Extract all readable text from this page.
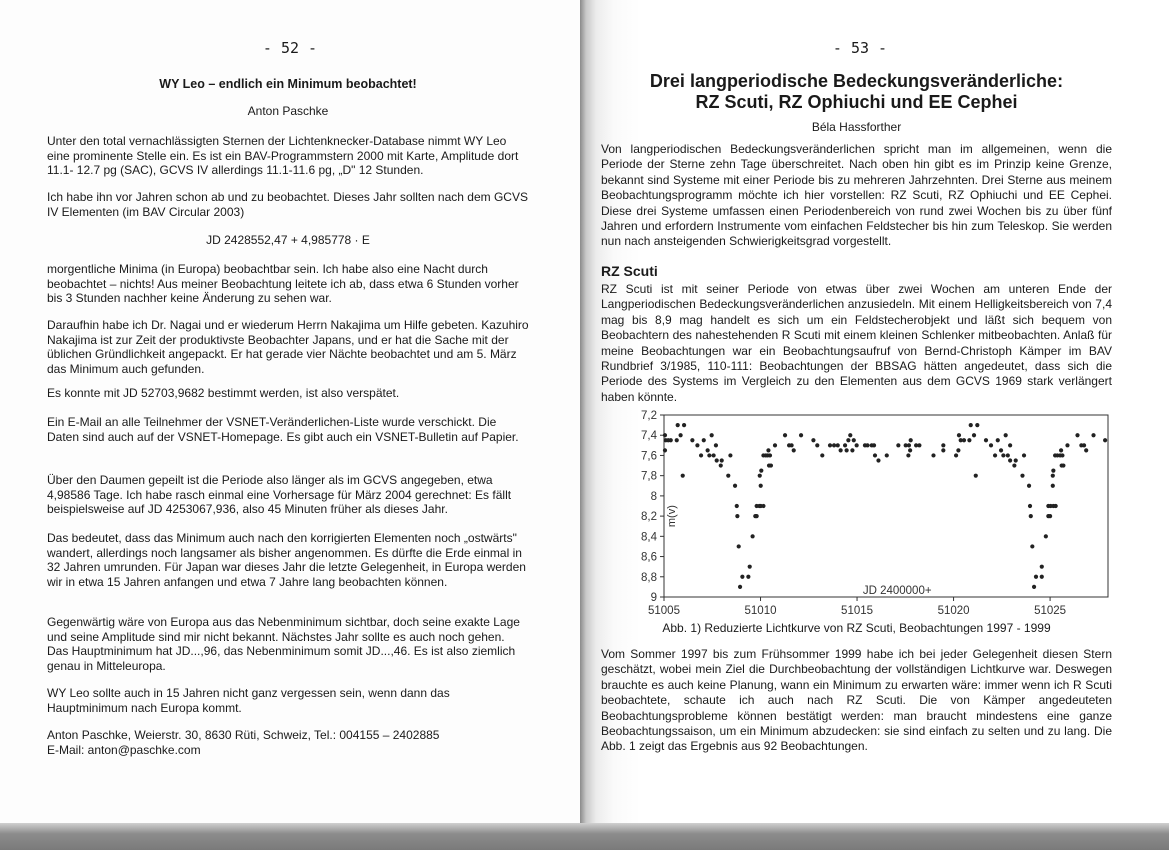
- 52 -
WY Leo – endlich ein Minimum beobachtet!
Anton Paschke
Unter den total vernachlässigten Sternen der Lichtenknecker-Database nimmt WY Leo eine prominente Stelle ein. Es ist ein BAV-Programmstern 2000 mit Karte, Amplitude dort 11.1- 12.7 pg (SAC), GCVS IV allerdings 11.1-11.6 pg, „D" 12 Stunden.
Ich habe ihn vor Jahren schon ab und zu beobachtet. Dieses Jahr sollten nach dem GCVS IV Elementen (im BAV Circular 2003)
JD 2428552,47 + 4,985778 · E
morgentliche Minima (in Europa) beobachtbar sein. Ich habe also eine Nacht durch beobachtet – nichts! Aus meiner Beobachtung leitete ich ab, dass etwa 6 Stunden vorher bis 3 Stunden nachher keine Änderung zu sehen war.
Daraufhin habe ich Dr. Nagai und er wiederum Herrn Nakajima um Hilfe gebeten. Kazuhiro Nakajima ist zur Zeit der produktivste Beobachter Japans, und er hat die Sache mit der üblichen Gründlichkeit angepackt. Er hat gerade vier Nächte beobachtet und am 5. März das Minimum auch gefunden.
Es konnte mit JD 52703,9682 bestimmt werden, ist also verspätet.
Ein E-Mail an alle Teilnehmer der VSNET-Veränderlichen-Liste wurde verschickt. Die Daten sind auch auf der VSNET-Homepage. Es gibt auch ein VSNET-Bulletin auf Papier.
Über den Daumen gepeilt ist die Periode also länger als im GCVS angegeben, etwa 4,98586 Tage. Ich habe rasch einmal eine Vorhersage für März 2004 gerechnet: Es fällt beispielsweise auf JD 4253067,936, also 45 Minuten früher als dieses Jahr.
Das bedeutet, dass das Minimum auch nach den korrigierten Elementen noch „ostwärts" wandert, allerdings noch langsamer als bisher angenommen. Es dürfte die Erde einmal in 32 Jahren umrunden. Für Japan war dieses Jahr die letzte Gelegenheit, in Europa werden wir in etwa 15 Jahren anfangen und etwa 7 Jahre lang beobachten können.
Gegenwärtig wäre von Europa aus das Nebenminimum sichtbar, doch seine exakte Lage und seine Amplitude sind mir nicht bekannt. Nächstes Jahr sollte es auch noch gehen. Das Hauptminimum hat JD...,96, das Nebenminimum somit JD...,46. Es ist also ziemlich genau in Mitteleuropa.
WY Leo sollte auch in 15 Jahren nicht ganz vergessen sein, wenn dann das Hauptminimum nach Europa kommt.
Anton Paschke, Weierstr. 30, 8630 Rüti, Schweiz, Tel.: 004155 – 2402885
E-Mail: anton@paschke.com
- 53 -
Drei langperiodische Bedeckungsveränderliche:
RZ Scuti, RZ Ophiuchi und EE Cephei
Béla Hassforther
Von langperiodischen Bedeckungsveränderlichen spricht man im allgemeinen, wenn die Periode der Sterne zehn Tage überschreitet. Nach oben hin gibt es im Prinzip keine Grenze, bekannt sind Systeme mit einer Periode bis zu mehreren Jahrzehnten. Drei Sterne aus meinem Beobachtungsprogramm möchte ich hier vorstellen: RZ Scuti, RZ Ophiuchi und EE Cephei. Diese drei Systeme umfassen einen Periodenbereich von rund zwei Wochen bis zu über fünf Jahren und erfordern Instrumente vom einfachen Feldstecher bis hin zum Teleskop. Sie werden nun nach ansteigenden Schwierigkeitsgrad vorgestellt.
RZ Scuti
RZ Scuti ist mit seiner Periode von etwas über zwei Wochen am unteren Ende der Langperiodischen Bedeckungsveränderlichen anzusiedeln. Mit einem Helligkeitsbereich von 7,4 mag bis 8,9 mag handelt es sich um ein Feldstecherobjekt und läßt sich bequem von Beobachtern des nahestehenden R Scuti mit einem kleinen Schlenker mitbeobachten. Anlaß für meine Beobachtungen war ein Beobachtungsaufruf von Bernd-Christoph Kämper im BAV Rundbrief 3/1985, 110-111: Beobachtungen der BBSAG hätten angedeutet, dass sich die Periode des Systems im Vergleich zu den Elementen aus dem GCVS 1969 stark verlängert haben könnte.
7,2
7,4
7,6
7,8
8
8,2
8,4
8,6
8,8
9
51005	51010	51015	51020	51025
JD 2400000+
m(v)
Abb. 1) Reduzierte Lichtkurve von RZ Scuti, Beobachtungen 1997 - 1999
Vom Sommer 1997 bis zum Frühsommer 1999 habe ich bei jeder Gelegenheit diesen Stern geschätzt, wobei mein Ziel die Durchbeobachtung der vollständigen Lichtkurve war. Deswegen brauchte es auch keine Planung, wann ein Minimum zu erwarten wäre: immer wenn ich R Scuti beobachtete, schaute ich auch nach RZ Scuti. Die von Kämper angedeuteten Beobachtungsprobleme können bestätigt werden: man braucht mindestens eine ganze Beobachtungssaison, um ein Minimum abzudecken: sie sind einfach zu selten und zu lang. Die Abb. 1 zeigt das Ergebnis aus 92 Beobachtungen.
